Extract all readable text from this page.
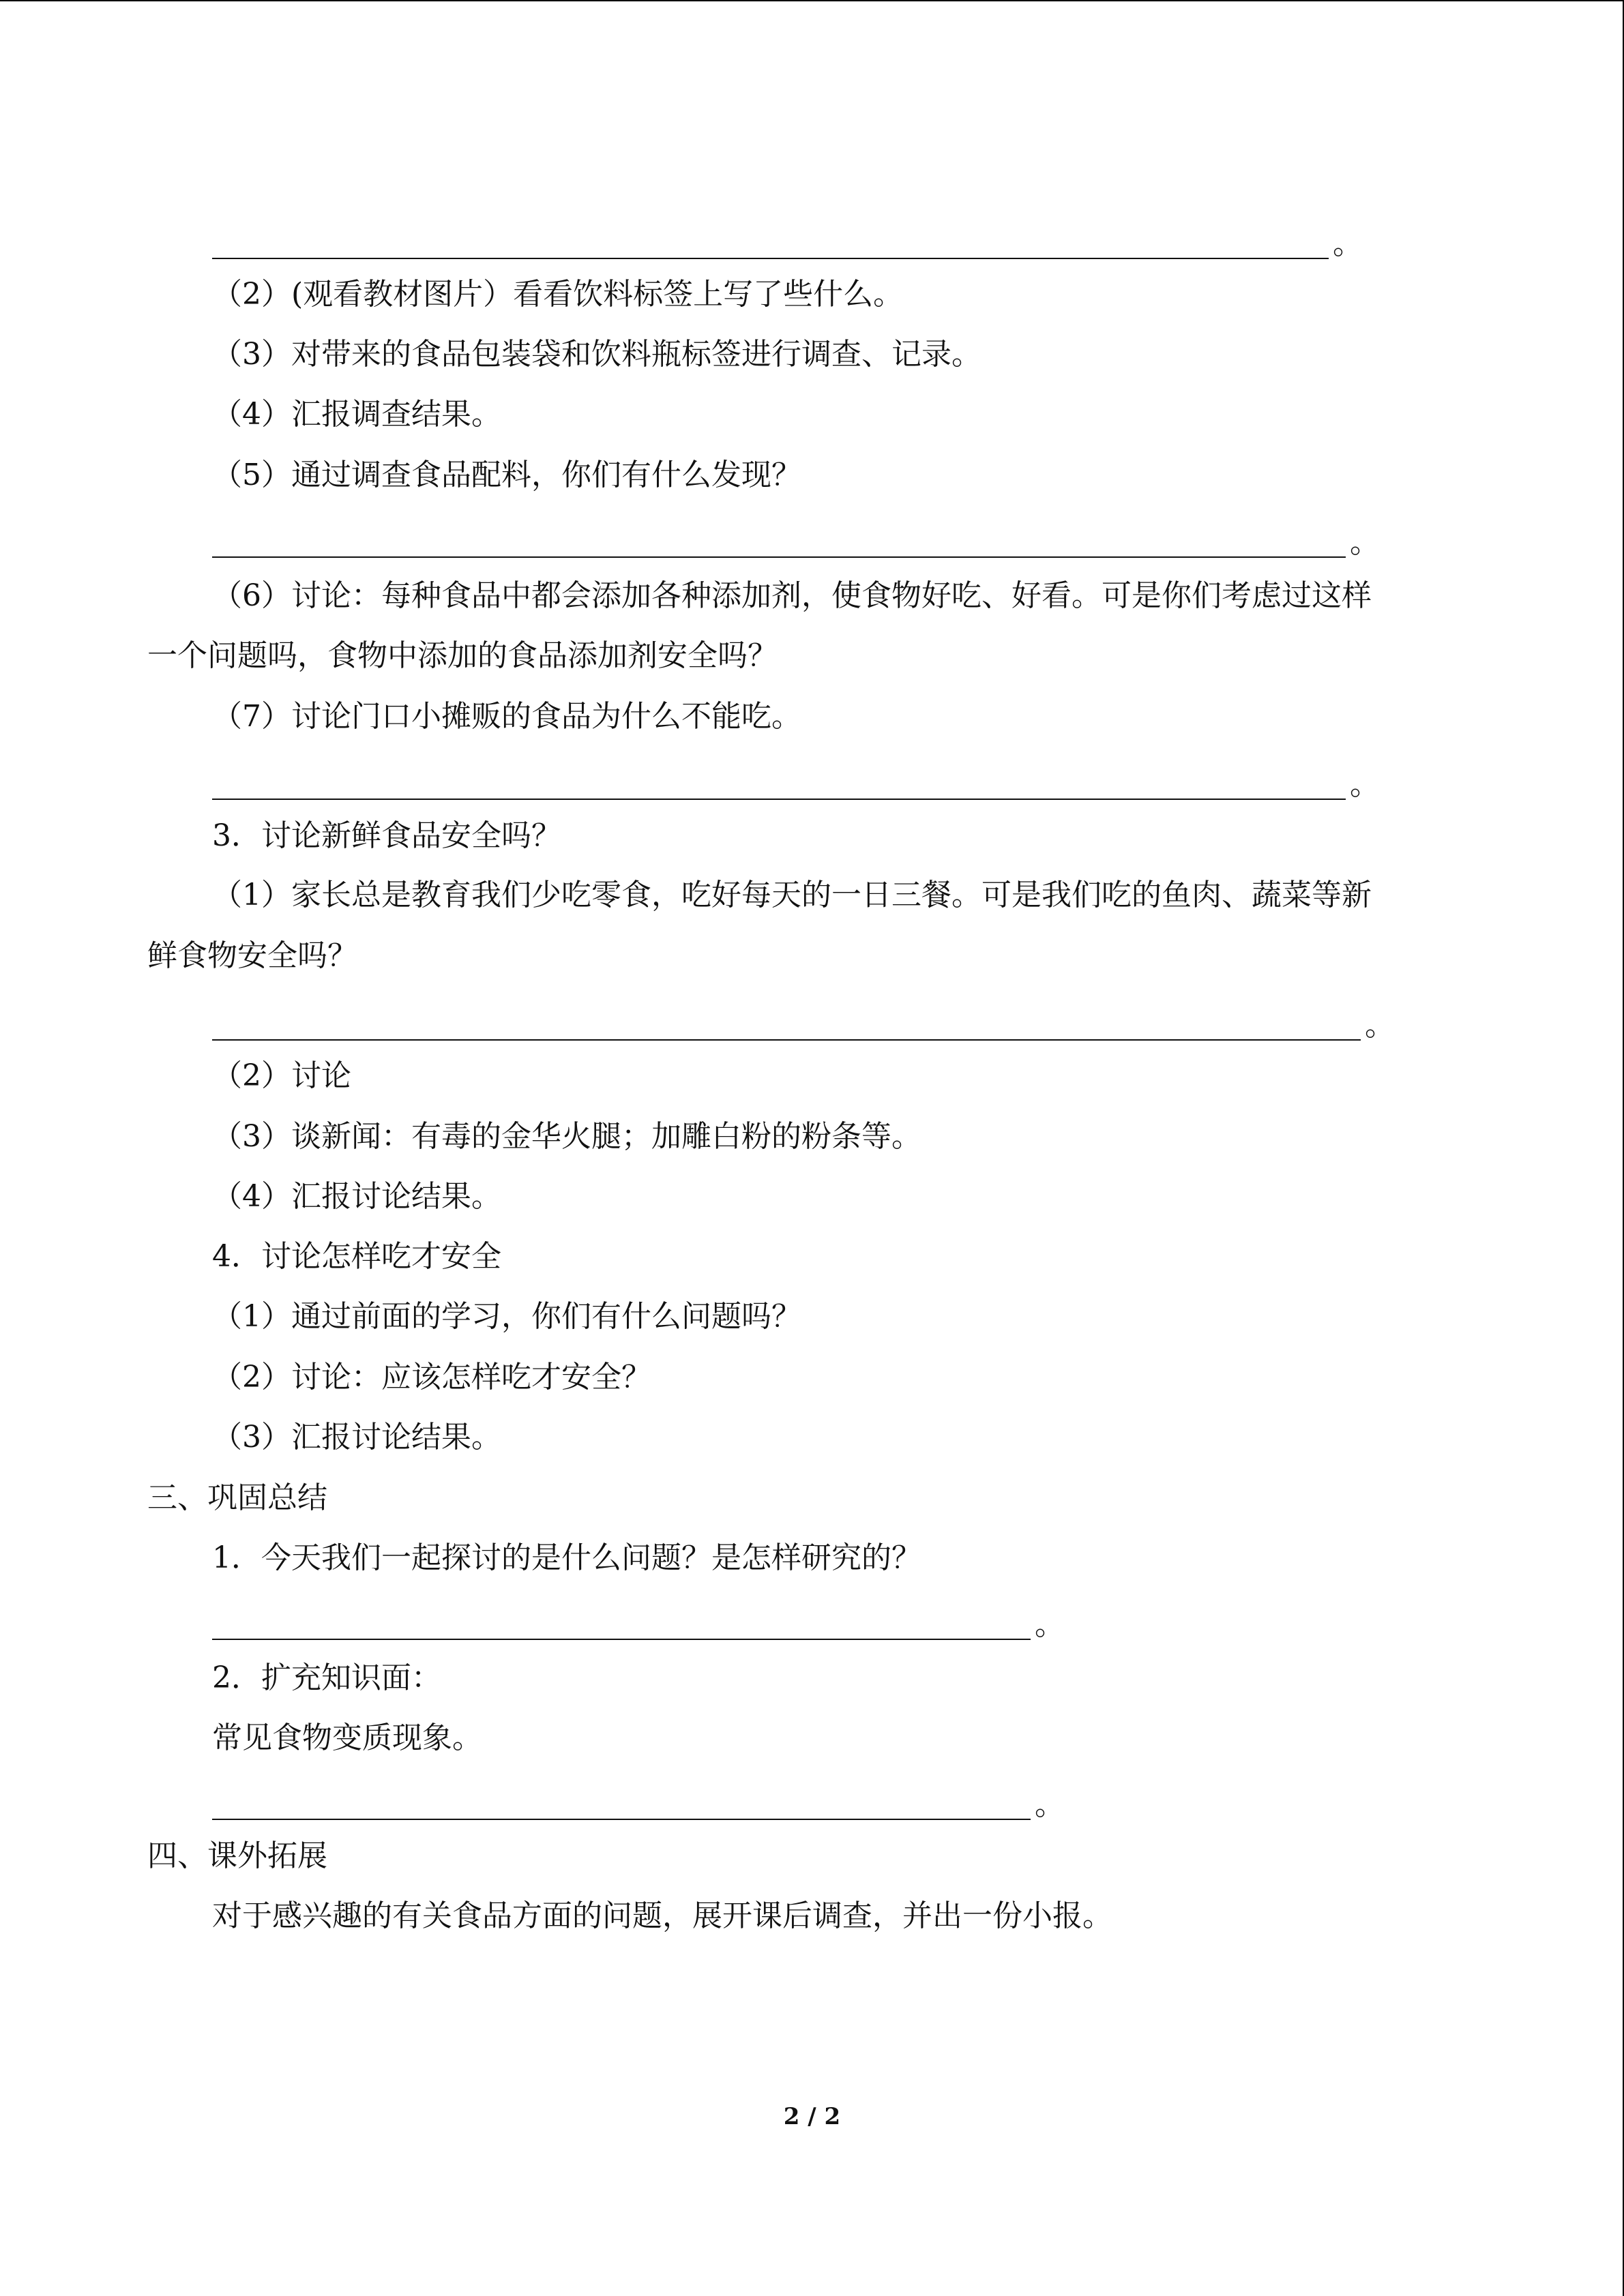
。
（2）(观看教材图片）看看饮料标签上写了些什么。
（3）对带来的食品包装袋和饮料瓶标签进行调查、记录。
（4）汇报调查结果。
（5）通过调查食品配料，你们有什么发现？
。
（6）讨论：每种食品中都会添加各种添加剂，使食物好吃、好看。可是你们考虑过这样
一个问题吗，食物中添加的食品添加剂安全吗？
（7）讨论门口小摊贩的食品为什么不能吃。
。
3．讨论新鲜食品安全吗？
（1）家长总是教育我们少吃零食，吃好每天的一日三餐。可是我们吃的鱼肉、蔬菜等新
鲜食物安全吗？
。
（2）讨论
（3）谈新闻：有毒的金华火腿；加雕白粉的粉条等。
（4）汇报讨论结果。
4．讨论怎样吃才安全
（1）通过前面的学习，你们有什么问题吗？
（2）讨论：应该怎样吃才安全？
（3）汇报讨论结果。
三、巩固总结
1．今天我们一起探讨的是什么问题？是怎样研究的？
。
2．扩充知识面：
常见食物变质现象。
。
四、课外拓展
对于感兴趣的有关食品方面的问题，展开课后调查，并出一份小报。
2 / 2
